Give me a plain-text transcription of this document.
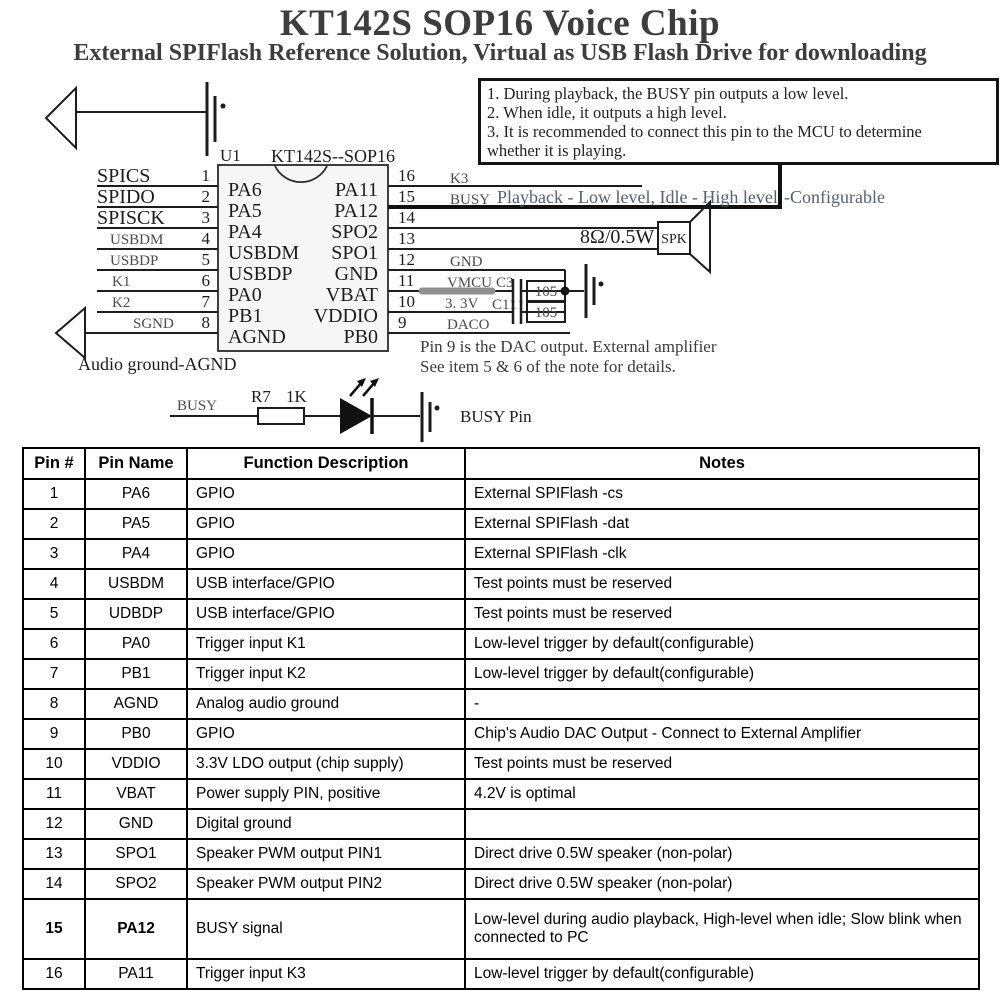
KT142S SOP16 Voice Chip
External SPIFlash Reference Solution, Virtual as USB Flash Drive for downloading
U1 KT142S--SOP16
SPICS	1
PA6
SPIDO	2
PA5
SPISCK 3
PA4
USBDM 4
USBDM
USBDP	5
USBDP
K1	6
PA0
K2	7
PB1
SGND 8
AGND
Audio ground-AGND
16
PA11	K3
15
PA12	BUSY Playback - Low level, Idle - High level -Configurable
14
SPO2 13
SPO1
8Ω/0.5W SPK
12
GND
GND
11
VBAT
VMCU
10
VDDIO
3. 3V
9
PB0
DACO
C3
105
C11 105
Pin 9 is the DAC output. External amplifier
See item 5 & 6 of the note for details.
BUSY R7 1K
BUSY Pin
1. During playback, the BUSY pin outputs a low level.
2. When idle, it outputs a high level.
3. It is recommended to connect this pin to the MCU to determine
whether it is playing.
Pin #	Pin Name	Function Description	Notes
1	PA6	GPIO	External SPIFlash -cs
2	PA5	GPIO	External SPIFlash -dat
3	PA4	GPIO	External SPIFlash -clk
4	USBDM	USB interface/GPIO	Test points must be reserved
5	UDBDP	USB interface/GPIO	Test points must be reserved
6	PA0	Trigger input K1	Low-level trigger by default(configurable)
7	PB1	Trigger input K2	Low-level trigger by default(configurable)
8	AGND	Analog audio ground	-
9	PB0	GPIO	Chip's Audio DAC Output - Connect to External Amplifier
10	VDDIO	3.3V LDO output (chip supply)	Test points must be reserved
11	VBAT	Power supply PIN, positive	4.2V is optimal
12	GND	Digital ground	
13	SPO1	Speaker PWM output PIN1	Direct drive 0.5W speaker (non-polar)
14	SPO2	Speaker PWM output PIN2	Direct drive 0.5W speaker (non-polar)
15	PA12	BUSY signal	Low-level during audio playback, High-level when idle; Slow blink when connected to PC
16	PA11	Trigger input K3	Low-level trigger by default(configurable)
